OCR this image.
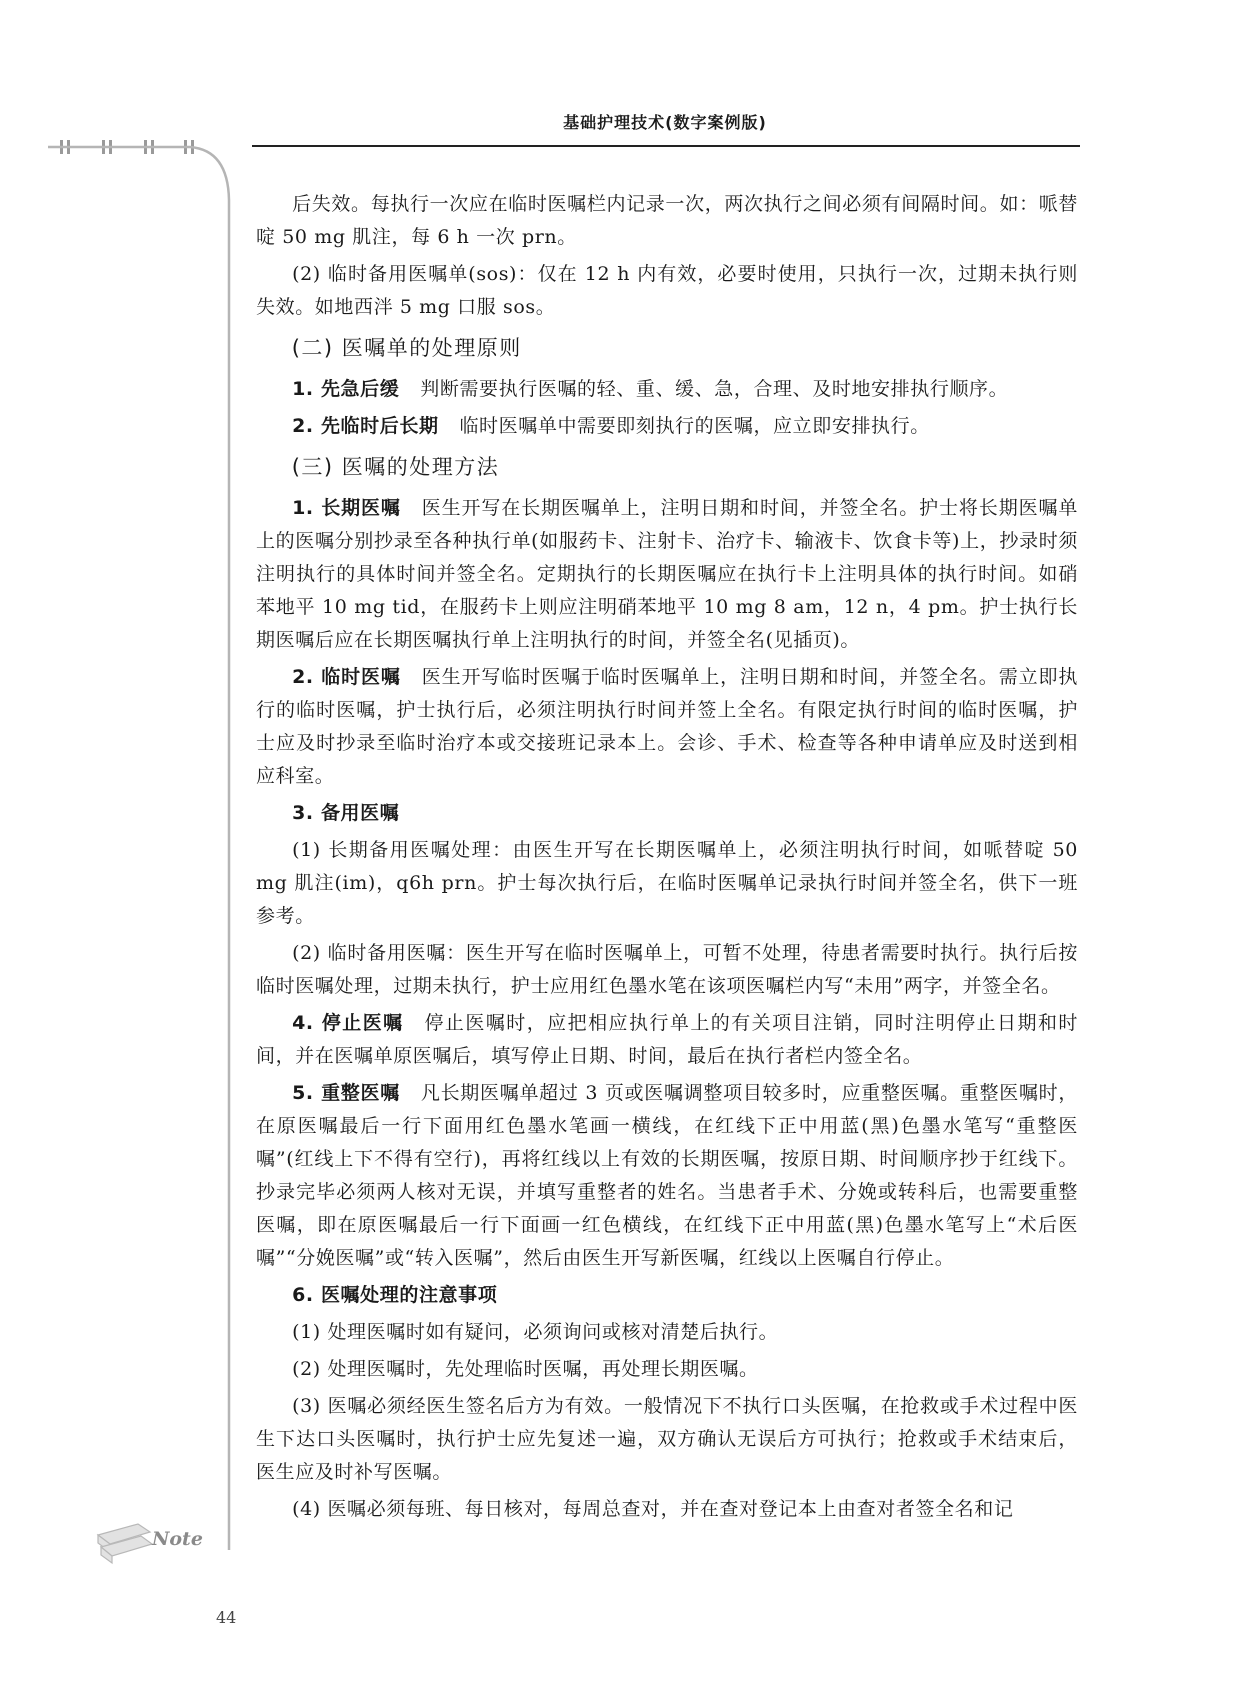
基础护理技术(数字案例版)

后失效。每执行一次应在临时医嘱栏内记录一次，两次执行之间必须有间隔时间。如：哌替啶 50 mg 肌注，每 6 h 一次 prn。

(2) 临时备用医嘱单(sos)：仅在 12 h 内有效，必要时使用，只执行一次，过期未执行则失效。如地西泮 5 mg 口服 sos。

(二) 医嘱单的处理原则

1. 先急后缓 判断需要执行医嘱的轻、重、缓、急，合理、及时地安排执行顺序。

2. 先临时后长期 临时医嘱单中需要即刻执行的医嘱，应立即安排执行。

(三) 医嘱的处理方法

1. 长期医嘱 医生开写在长期医嘱单上，注明日期和时间，并签全名。护士将长期医嘱单上的医嘱分别抄录至各种执行单(如服药卡、注射卡、治疗卡、输液卡、饮食卡等)上，抄录时须注明执行的具体时间并签全名。定期执行的长期医嘱应在执行卡上注明具体的执行时间。如硝苯地平 10 mg tid，在服药卡上则应注明硝苯地平 10 mg 8 am，12 n，4 pm。护士执行长期医嘱后应在长期医嘱执行单上注明执行的时间，并签全名(见插页)。

2. 临时医嘱 医生开写临时医嘱于临时医嘱单上，注明日期和时间，并签全名。需立即执行的临时医嘱，护士执行后，必须注明执行时间并签上全名。有限定执行时间的临时医嘱，护士应及时抄录至临时治疗本或交接班记录本上。会诊、手术、检查等各种申请单应及时送到相应科室。

3. 备用医嘱

(1) 长期备用医嘱处理：由医生开写在长期医嘱单上，必须注明执行时间，如哌替啶 50 mg 肌注(im)，q6h prn。护士每次执行后，在临时医嘱单记录执行时间并签全名，供下一班参考。

(2) 临时备用医嘱：医生开写在临时医嘱单上，可暂不处理，待患者需要时执行。执行后按临时医嘱处理，过期未执行，护士应用红色墨水笔在该项医嘱栏内写“未用”两字，并签全名。

4. 停止医嘱 停止医嘱时，应把相应执行单上的有关项目注销，同时注明停止日期和时间，并在医嘱单原医嘱后，填写停止日期、时间，最后在执行者栏内签全名。

5. 重整医嘱 凡长期医嘱单超过 3 页或医嘱调整项目较多时，应重整医嘱。重整医嘱时，在原医嘱最后一行下面用红色墨水笔画一横线，在红线下正中用蓝(黑)色墨水笔写“重整医嘱”(红线上下不得有空行)，再将红线以上有效的长期医嘱，按原日期、时间顺序抄于红线下。抄录完毕必须两人核对无误，并填写重整者的姓名。当患者手术、分娩或转科后，也需要重整医嘱，即在原医嘱最后一行下面画一红色横线，在红线下正中用蓝(黑)色墨水笔写上“术后医嘱”“分娩医嘱”或“转入医嘱”，然后由医生开写新医嘱，红线以上医嘱自行停止。

6. 医嘱处理的注意事项

(1) 处理医嘱时如有疑问，必须询问或核对清楚后执行。

(2) 处理医嘱时，先处理临时医嘱，再处理长期医嘱。

(3) 医嘱必须经医生签名后方为有效。一般情况下不执行口头医嘱，在抢救或手术过程中医生下达口头医嘱时，执行护士应先复述一遍，双方确认无误后方可执行；抢救或手术结束后，医生应及时补写医嘱。

(4) 医嘱必须每班、每日核对，每周总查对，并在查对登记本上由查对者签全名和记

Note
44
